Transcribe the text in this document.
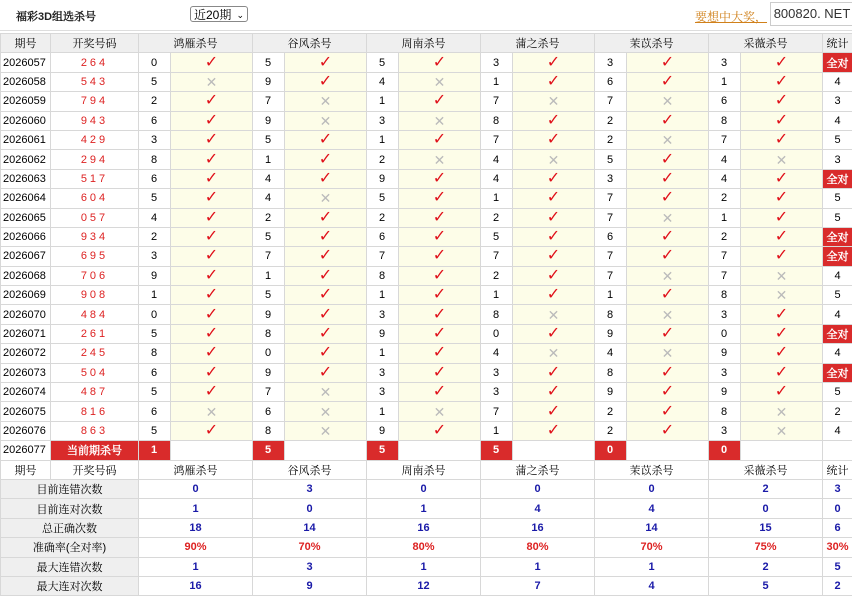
福彩3D组选杀号	近20期 ⌄	要想中大奖， 800820. NET
期号	开奖号码	鸿雁杀号		谷风杀号		周南杀号		蒲之杀号		茉苡杀号		采薇杀号		统计
2026057	264	0	✓	5	✓	5	✓	3	✓	3	✓	3	✓	全对
2026058	543	5	✕	9	✓	4	✕	1	✓	6	✓	1	✓	4
2026059	794	2	✓	7	✕	1	✓	7	✕	7	✕	6	✓	3
2026060	943	6	✓	9	✕	3	✕	8	✓	2	✓	8	✓	4
2026061	429	3	✓	5	✓	1	✓	7	✓	2	✕	7	✓	5
2026062	294	8	✓	1	✓	2	✕	4	✕	5	✓	4	✕	3
2026063	517	6	✓	4	✓	9	✓	4	✓	3	✓	4	✓	全对
2026064	604	5	✓	4	✕	5	✓	1	✓	7	✓	2	✓	5
2026065	057	4	✓	2	✓	2	✓	2	✓	7	✕	1	✓	5
2026066	934	2	✓	5	✓	6	✓	5	✓	6	✓	2	✓	全对
2026067	695	3	✓	7	✓	7	✓	7	✓	7	✓	7	✓	全对
2026068	706	9	✓	1	✓	8	✓	2	✓	7	✕	7	✕	4
2026069	908	1	✓	5	✓	1	✓	1	✓	1	✓	8	✕	5
2026070	484	0	✓	9	✓	3	✓	8	✕	8	✕	3	✓	4
2026071	261	5	✓	8	✓	9	✓	0	✓	9	✓	0	✓	全对
2026072	245	8	✓	0	✓	1	✓	4	✕	4	✕	9	✓	4
2026073	504	6	✓	9	✓	3	✓	3	✓	8	✓	3	✓	全对
2026074	487	5	✓	7	✕	3	✓	3	✓	9	✓	9	✓	5
2026075	816	6	✕	6	✕	1	✕	7	✓	2	✓	8	✕	2
2026076	863	5	✓	8	✕	9	✓	1	✓	2	✓	3	✕	4
2026077	当前期杀号	1		5		5		5		0		0		
期号	开奖号码	鸿雁杀号		谷风杀号		周南杀号		蒲之杀号		茉苡杀号		采薇杀号		统计
目前连错次数		0		3		0		0		0		2		3
目前连对次数		1		0		1		4		4		0		0
总正确次数		18		14		16		16		14		15		6
准确率(全对率)		90%		70%		80%		80%		70%		75%		30%
最大连错次数		1		3		1		1		1		2		5
最大连对次数		16		9		12		7		4		5		2
